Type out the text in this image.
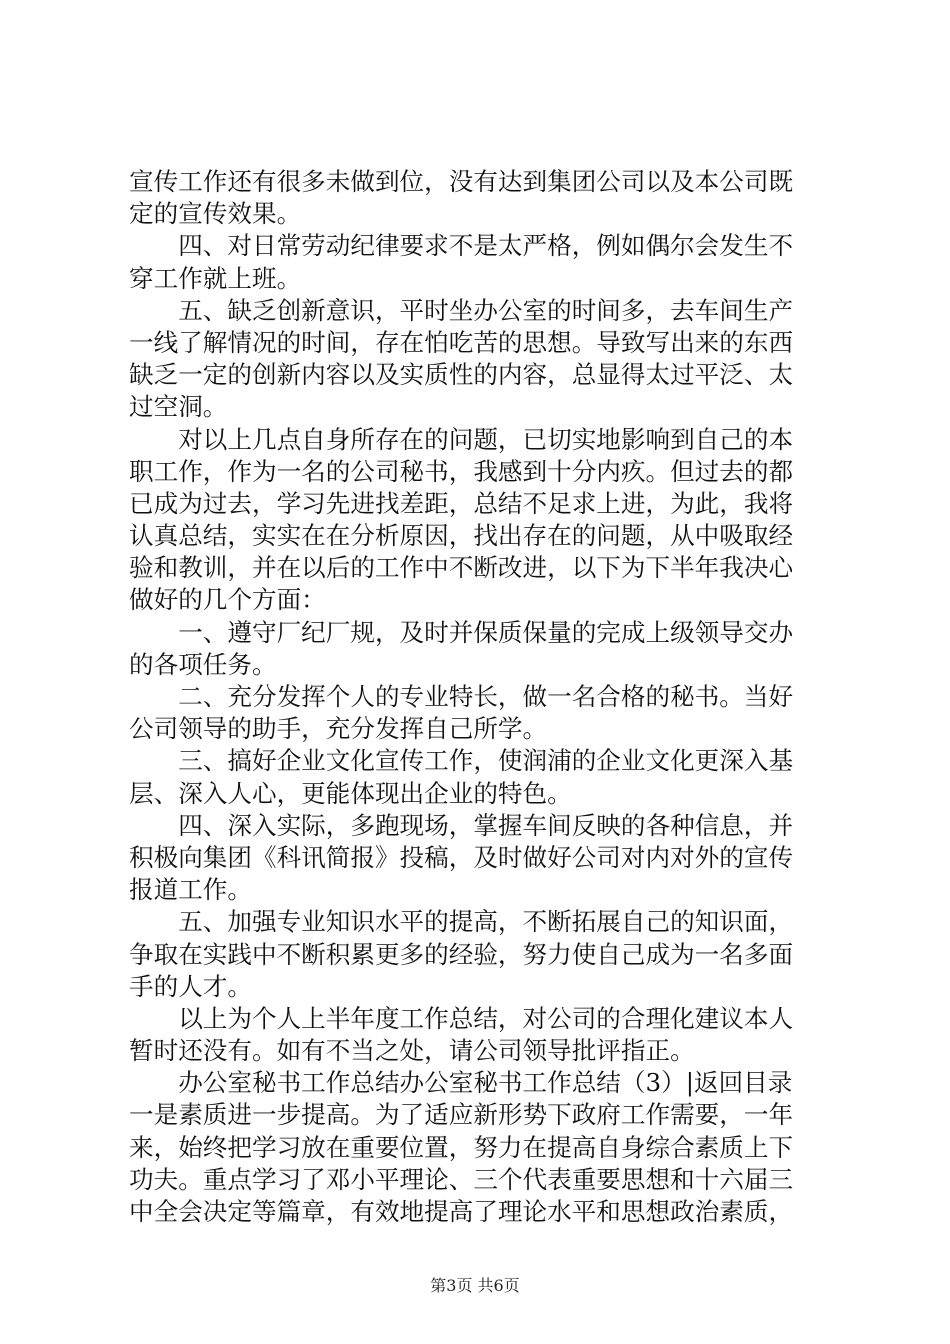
宣传工作还有很多未做到位，没有达到集团公司以及本公司既
定的宣传效果。
　　四、对日常劳动纪律要求不是太严格，例如偶尔会发生不
穿工作就上班。
　　五、缺乏创新意识，平时坐办公室的时间多，去车间生产
一线了解情况的时间，存在怕吃苦的思想。导致写出来的东西
缺乏一定的创新内容以及实质性的内容，总显得太过平泛、太
过空洞。
　　对以上几点自身所存在的问题，已切实地影响到自己的本
职工作，作为一名的公司秘书，我感到十分内疚。但过去的都
已成为过去，学习先进找差距，总结不足求上进，为此，我将
认真总结，实实在在分析原因，找出存在的问题，从中吸取经
验和教训，并在以后的工作中不断改进，以下为下半年我决心
做好的几个方面：
　　一、遵守厂纪厂规，及时并保质保量的完成上级领导交办
的各项任务。
　　二、充分发挥个人的专业特长，做一名合格的秘书。当好
公司领导的助手，充分发挥自己所学。
　　三、搞好企业文化宣传工作，使润浦的企业文化更深入基
层、深入人心，更能体现出企业的特色。
　　四、深入实际，多跑现场，掌握车间反映的各种信息，并
积极向集团《科讯简报》投稿，及时做好公司对内对外的宣传
报道工作。
　　五、加强专业知识水平的提高，不断拓展自己的知识面，
争取在实践中不断积累更多的经验，努力使自己成为一名多面
手的人才。
　　以上为个人上半年度工作总结，对公司的合理化建议本人
暂时还没有。如有不当之处，请公司领导批评指正。
　　办公室秘书工作总结办公室秘书工作总结（3）|返回目录
一是素质进一步提高。为了适应新形势下政府工作需要，一年
来，始终把学习放在重要位置，努力在提高自身综合素质上下
功夫。重点学习了邓小平理论、三个代表重要思想和十六届三
中全会决定等篇章，有效地提高了理论水平和思想政治素质，
第3页 共6页
